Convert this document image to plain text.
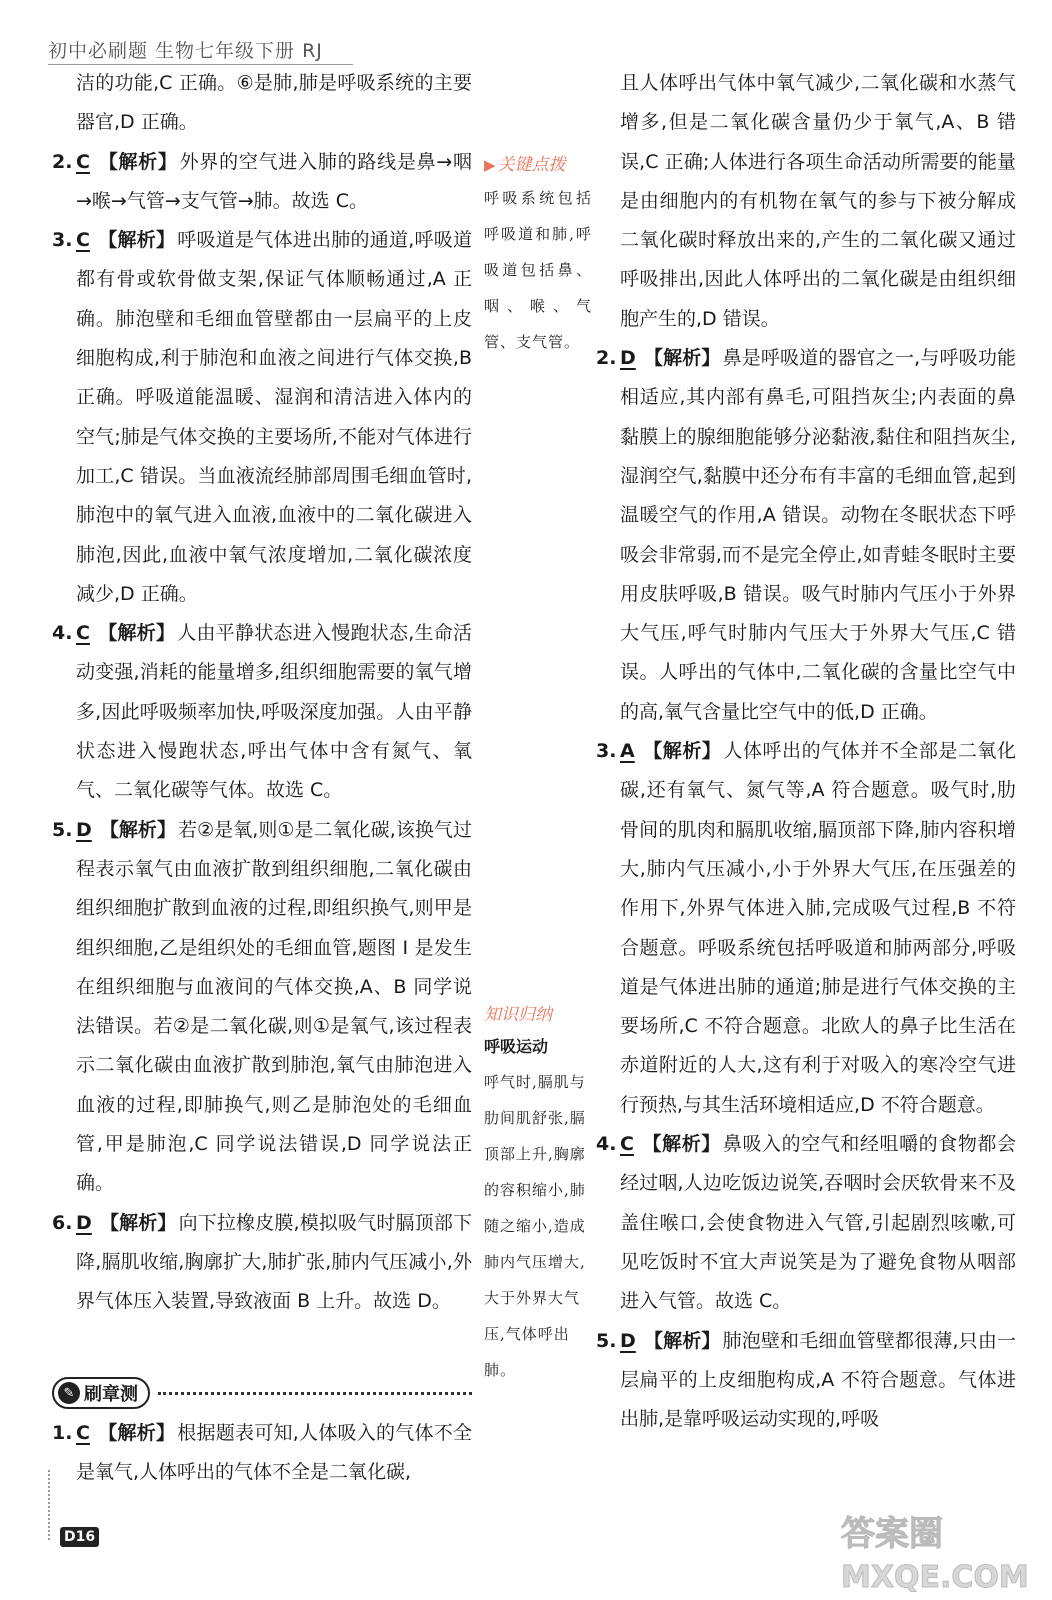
初中必刷题 生物七年级下册 RJ

洁的功能,C 正确。⑥是肺,肺是呼吸系统的主要器官,D 正确。

2. C 【解析】 外界的空气进入肺的路线是鼻→咽→喉→气管→支气管→肺。故选 C。

3. C 【解析】 呼吸道是气体进出肺的通道,呼吸道都有骨或软骨做支架,保证气体顺畅通过,A 正确。肺泡壁和毛细血管壁都由一层扁平的上皮细胞构成,利于肺泡和血液之间进行气体交换,B 正确。呼吸道能温暖、湿润和清洁进入体内的空气;肺是气体交换的主要场所,不能对气体进行加工,C 错误。当血液流经肺部周围毛细血管时,肺泡中的氧气进入血液,血液中的二氧化碳进入肺泡,因此,血液中氧气浓度增加,二氧化碳浓度减少,D 正确。

4. C 【解析】 人由平静状态进入慢跑状态,生命活动变强,消耗的能量增多,组织细胞需要的氧气增多,因此呼吸频率加快,呼吸深度加强。人由平静状态进入慢跑状态,呼出气体中含有氮气、氧气、二氧化碳等气体。故选 C。

5. D 【解析】 若②是氧,则①是二氧化碳,该换气过程表示氧气由血液扩散到组织细胞,二氧化碳由组织细胞扩散到血液的过程,即组织换气,则甲是组织细胞,乙是组织处的毛细血管,题图 Ⅰ 是发生在组织细胞与血液间的气体交换,A、B 同学说法错误。若②是二氧化碳,则①是氧气,该过程表示二氧化碳由血液扩散到肺泡,氧气由肺泡进入血液的过程,即肺换气,则乙是肺泡处的毛细血管,甲是肺泡,C 同学说法错误,D 同学说法正确。

6. D 【解析】 向下拉橡皮膜,模拟吸气时膈顶部下降,膈肌收缩,胸廓扩大,肺扩张,肺内气压减小,外界气体压入装置,导致液面 B 上升。故选 D。

▶ 关键点拨
呼吸系统包括呼吸道和肺,呼吸道包括鼻、咽、喉、气管、支气管。
知识归纳
呼吸运动
呼气时,膈肌与肋间肌舒张,膈顶部上升,胸廓的容积缩小,肺随之缩小,造成肺内气压增大,大于外界大气压,气体呼出肺。
✎ 刷章测

1. C 【解析】 根据题表可知,人体吸入的气体不全是氧气,人体呼出的气体不全是二氧化碳,

且人体呼出气体中氧气减少,二氧化碳和水蒸气增多,但是二氧化碳含量仍少于氧气,A、B 错误,C 正确;人体进行各项生命活动所需要的能量是由细胞内的有机物在氧气的参与下被分解成二氧化碳时释放出来的,产生的二氧化碳又通过呼吸排出,因此人体呼出的二氧化碳是由组织细胞产生的,D 错误。

2. D 【解析】 鼻是呼吸道的器官之一,与呼吸功能相适应,其内部有鼻毛,可阻挡灰尘;内表面的鼻黏膜上的腺细胞能够分泌黏液,黏住和阻挡灰尘,湿润空气,黏膜中还分布有丰富的毛细血管,起到温暖空气的作用,A 错误。动物在冬眠状态下呼吸会非常弱,而不是完全停止,如青蛙冬眠时主要用皮肤呼吸,B 错误。吸气时肺内气压小于外界大气压,呼气时肺内气压大于外界大气压,C 错误。人呼出的气体中,二氧化碳的含量比空气中的高,氧气含量比空气中的低,D 正确。

3. A 【解析】 人体呼出的气体并不全部是二氧化碳,还有氧气、氮气等,A 符合题意。吸气时,肋骨间的肌肉和膈肌收缩,膈顶部下降,肺内容积增大,肺内气压减小,小于外界大气压,在压强差的作用下,外界气体进入肺,完成吸气过程,B 不符合题意。呼吸系统包括呼吸道和肺两部分,呼吸道是气体进出肺的通道;肺是进行气体交换的主要场所,C 不符合题意。北欧人的鼻子比生活在赤道附近的人大,这有利于对吸入的寒冷空气进行预热,与其生活环境相适应,D 不符合题意。

4. C 【解析】 鼻吸入的空气和经咀嚼的食物都会经过咽,人边吃饭边说笑,吞咽时会厌软骨来不及盖住喉口,会使食物进入气管,引起剧烈咳嗽,可见吃饭时不宜大声说笑是为了避免食物从咽部进入气管。故选 C。

5. D 【解析】 肺泡壁和毛细血管壁都很薄,只由一层扁平的上皮细胞构成,A 不符合题意。气体进出肺,是靠呼吸运动实现的,呼吸

D16	答案圈
MXQE.COM
